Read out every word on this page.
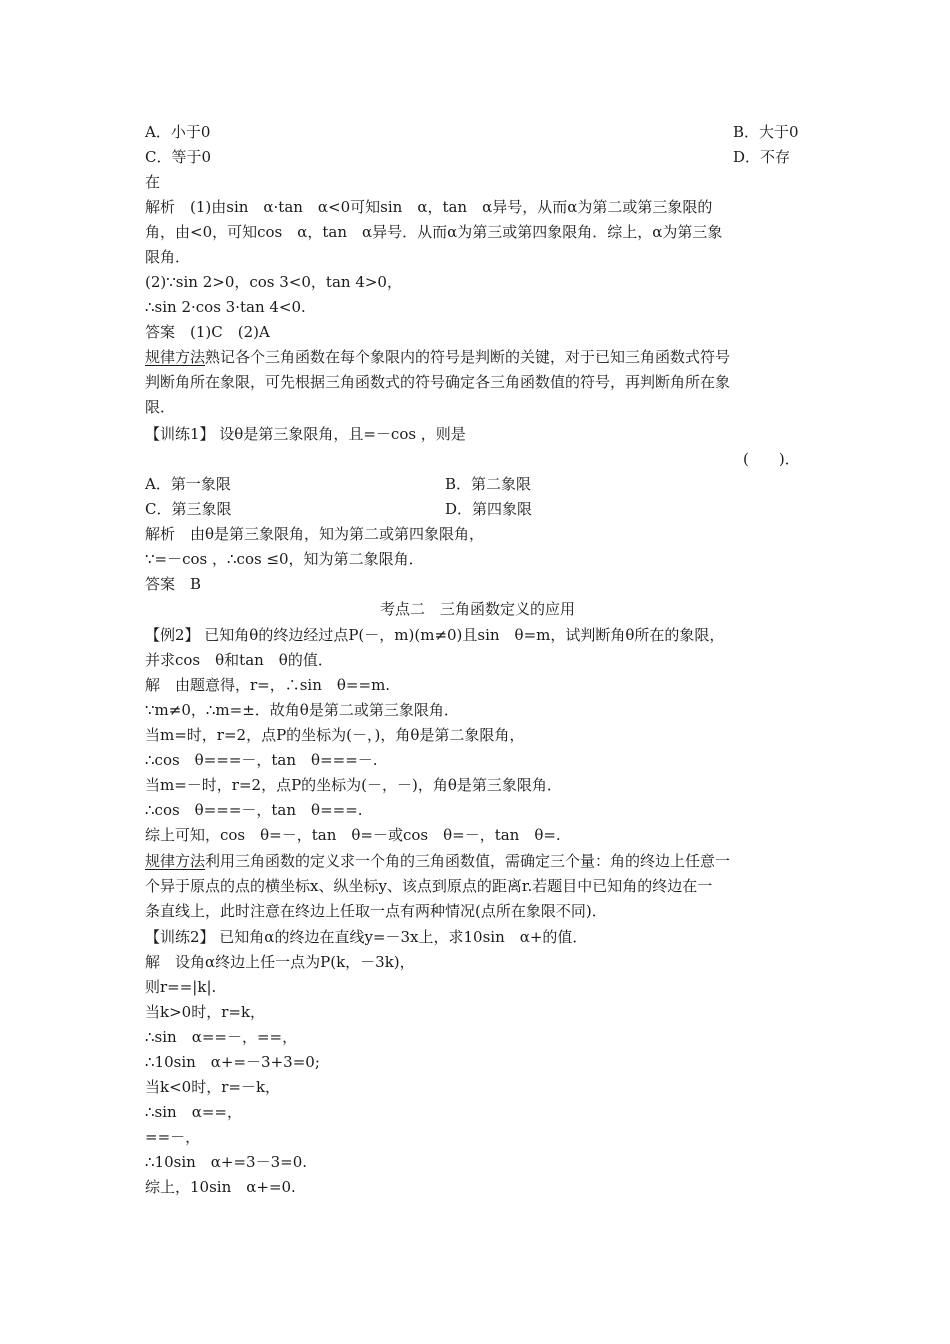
A．小于0	B．大于0
C．等于0	D．不存
在
解析　(1)由sin　α·tan　α<0可知sin　α，tan　α异号，从而α为第二或第三象限的
角，由<0，可知cos　α，tan　α异号．从而α为第三或第四象限角．综上，α为第三象
限角．
(2)∵sin 2>0，cos 3<0，tan 4>0，
∴sin 2·cos 3·tan 4<0.
答案　(1)C　(2)A
规律方法熟记各个三角函数在每个象限内的符号是判断的关键，对于已知三角函数式符号
判断角所在象限，可先根据三角函数式的符号确定各三角函数值的符号，再判断角所在象
限．
【训练1】 设θ是第三象限角，且=－cos ，则是
(　　)．
A．第一象限	B．第二象限
C．第三象限	D．第四象限
解析　由θ是第三象限角，知为第二或第四象限角，
∵=－cos ，∴cos ≤0，知为第二象限角．
答案　B
考点二　三角函数定义的应用
【例2】 已知角θ的终边经过点P(－，m)(m≠0)且sin　θ=m，试判断角θ所在的象限，
并求cos　θ和tan　θ的值．
解　由题意得，r=，∴sin　θ==m.
∵m≠0，∴m=±．故角θ是第二或第三象限角．
当m=时，r=2，点P的坐标为(－，)，角θ是第二象限角，
∴cos　θ===－，tan　θ===－.
当m=－时，r=2，点P的坐标为(－，－)，角θ是第三象限角．
∴cos　θ===－，tan　θ===.
综上可知，cos　θ=－，tan　θ=－或cos　θ=－，tan　θ=.
规律方法利用三角函数的定义求一个角的三角函数值，需确定三个量：角的终边上任意一
个异于原点的点的横坐标x、纵坐标y、该点到原点的距离r.若题目中已知角的终边在一
条直线上，此时注意在终边上任取一点有两种情况(点所在象限不同)．
【训练2】 已知角α的终边在直线y=－3x上，求10sin　α+的值．
解　设角α终边上任一点为P(k，－3k)，
则r==|k|.
当k>0时，r=k，
∴sin　α==－，==，
∴10sin　α+=－3+3=0;
当k<0时，r=－k，
∴sin　α==，
==－，
∴10sin　α+=3－3=0.
综上，10sin　α+=0.
